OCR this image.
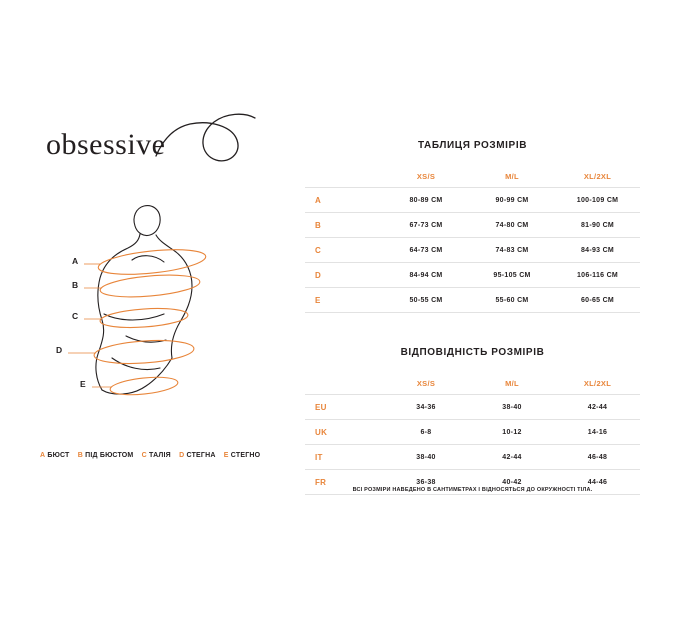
obsessive
A
B
C
D
E
A БЮСТ B ПІД БЮСТОМ C ТАЛІЯ D СТЕГНА E СТЕГНО
ТАБЛИЦЯ РОЗМІРІВ
	XS/S	M/L	XL/2XL
A	80-89 СМ	90-99 СМ	100-109 СМ
B	67-73 СМ	74-80 СМ	81-90 СМ
C	64-73 СМ	74-83 СМ	84-93 СМ
D	84-94 СМ	95-105 СМ	106-116 СМ
E	50-55 СМ	55-60 СМ	60-65 СМ
ВІДПОВІДНІСТЬ РОЗМІРІВ
	XS/S	M/L	XL/2XL
EU	34-36	38-40	42-44
UK	6-8	10-12	14-16
IT	38-40	42-44	46-48
FR	36-38	40-42	44-46
ВСІ РОЗМІРИ НАВЕДЕНО В САНТИМЕТРАХ І ВІДНОСЯТЬСЯ ДО ОКРУЖНОСТІ ТІЛА.
